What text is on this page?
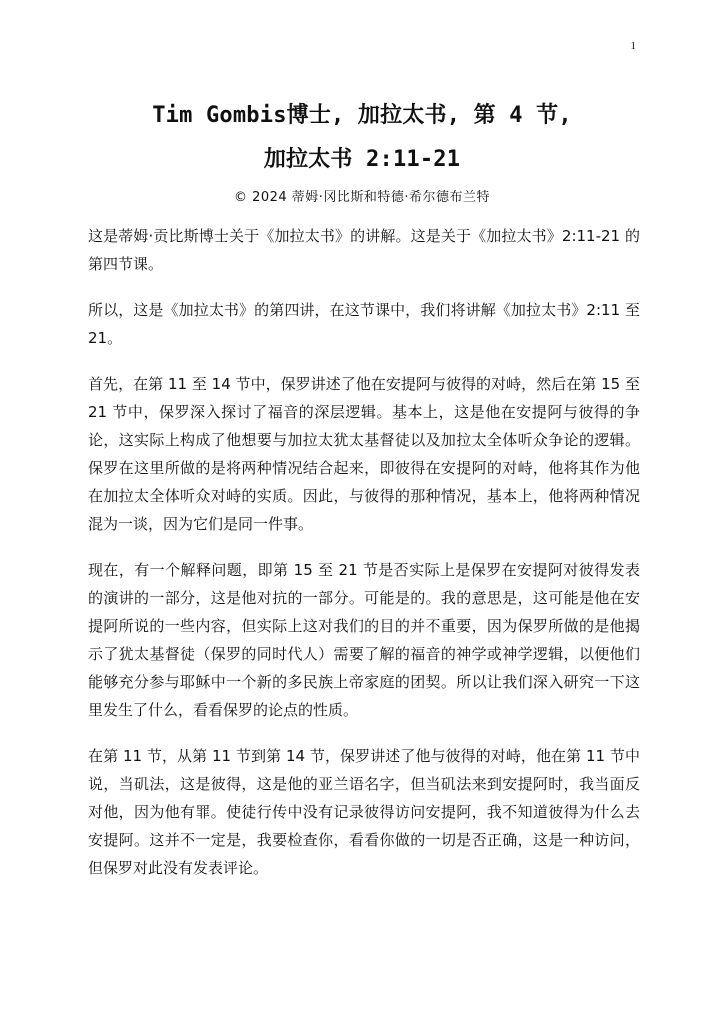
1
Tim Gombis博士, 加拉太书, 第 4 节,
加拉太书 2:11-21
© 2024 蒂姆·冈比斯和特德·希尔德布兰特

这是蒂姆·贡比斯博士关于《加拉太书》的讲解。这是关于《加拉太书》2:11-21 的第四节课。

所以，这是《加拉太书》的第四讲，在这节课中，我们将讲解《加拉太书》2:11 至 21。

首先，在第 11 至 14 节中，保罗讲述了他在安提阿与彼得的对峙，然后在第 15 至 21 节中，保罗深入探讨了福音的深层逻辑。基本上，这是他在安提阿与彼得的争论，这实际上构成了他想要与加拉太犹太基督徒以及加拉太全体听众争论的逻辑。保罗在这里所做的是将两种情况结合起来，即彼得在安提阿的对峙，他将其作为他在加拉太全体听众对峙的实质。因此，与彼得的那种情况，基本上，他将两种情况混为一谈，因为它们是同一件事。

现在，有一个解释问题，即第 15 至 21 节是否实际上是保罗在安提阿对彼得发表的演讲的一部分，这是他对抗的一部分。可能是的。我的意思是，这可能是他在安提阿所说的一些内容，但实际上这对我们的目的并不重要，因为保罗所做的是他揭示了犹太基督徒（保罗的同时代人）需要了解的福音的神学或神学逻辑，以便他们能够充分参与耶稣中一个新的多民族上帝家庭的团契。所以让我们深入研究一下这里发生了什么，看看保罗的论点的性质。

在第 11 节，从第 11 节到第 14 节，保罗讲述了他与彼得的对峙，他在第 11 节中说，当矶法，这是彼得，这是他的亚兰语名字，但当矶法来到安提阿时，我当面反对他，因为他有罪。使徒行传中没有记录彼得访问安提阿，我不知道彼得为什么去安提阿。这并不一定是，我要检查你，看看你做的一切是否正确，这是一种访问，但保罗对此没有发表评论。
